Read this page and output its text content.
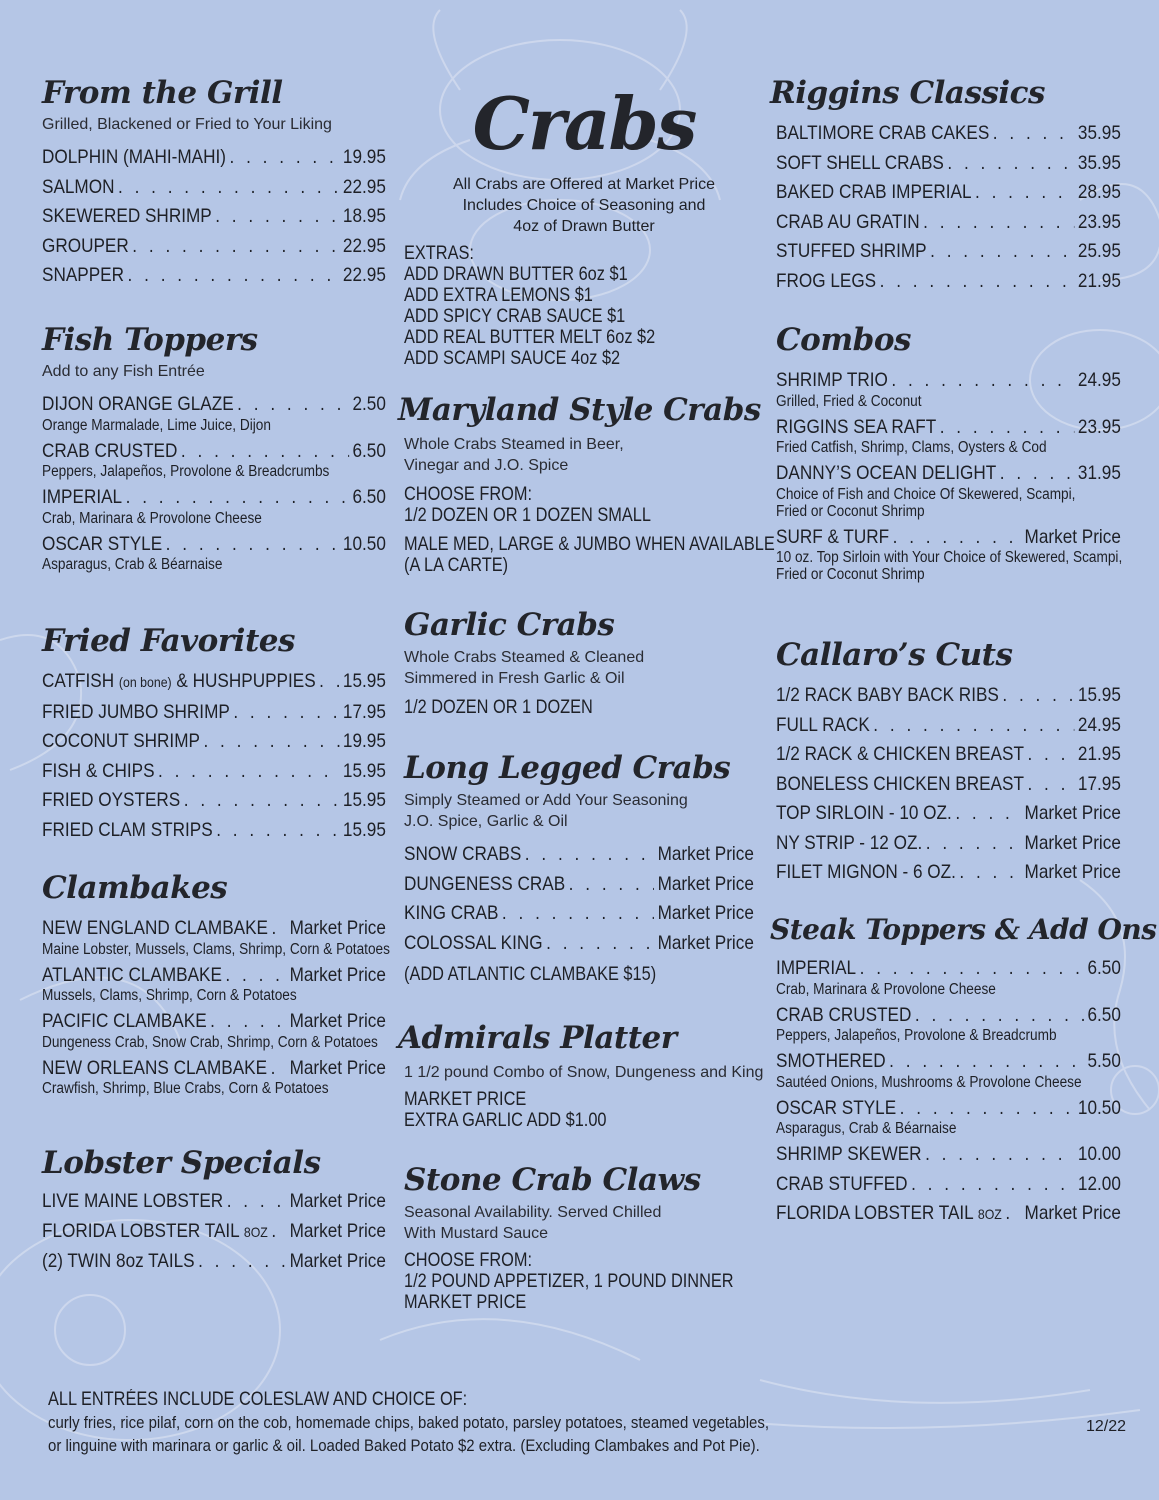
From the Grill
Grilled, Blackened or Fried to Your Liking
DOLPHIN (MAHI-MAHI) . . .	19.95
SALMON . . .	22.95
SKEWERED SHRIMP . . .	18.95
GROUPER . . .	22.95
SNAPPER . . .	22.95
Fish Toppers
Add to any Fish Entrée
DIJON ORANGE GLAZE . . .	2.50
Orange Marmalade, Lime Juice, Dijon
CRAB CRUSTED . . .	6.50
Peppers, Jalapeños, Provolone & Breadcrumbs
IMPERIAL . . .	6.50
Crab, Marinara & Provolone Cheese
OSCAR STYLE . . .	10.50
Asparagus, Crab & Béarnaise
Fried Favorites
CATFISH (on bone) & HUSHPUPPIES . . . 15.95
FRIED JUMBO SHRIMP . . .	17.95
COCONUT SHRIMP . . .	19.95
FISH & CHIPS . . .	15.95
FRIED OYSTERS . . .	15.95
FRIED CLAM STRIPS . . .	15.95
Clambakes
NEW ENGLAND CLAMBAKE . . . Market Price
Maine Lobster, Mussels, Clams, Shrimp, Corn & Potatoes
ATLANTIC CLAMBAKE . . .	Market Price
Mussels, Clams, Shrimp, Corn & Potatoes
PACIFIC CLAMBAKE . . .	Market Price
Dungeness Crab, Snow Crab, Shrimp, Corn & Potatoes
NEW ORLEANS CLAMBAKE . . . Market Price
Crawfish, Shrimp, Blue Crabs, Corn & Potatoes
Lobster Specials
LIVE MAINE LOBSTER . . .	Market Price
FLORIDA LOBSTER TAIL 8OZ . . . Market Price
(2) TWIN 8oz TAILS . . .	Market Price
Crabs
All Crabs are Offered at Market Price
Includes Choice of Seasoning and
4oz of Drawn Butter
EXTRAS:
ADD DRAWN BUTTER 6oz $1
ADD EXTRA LEMONS $1
ADD SPICY CRAB SAUCE $1
ADD REAL BUTTER MELT 6oz $2
ADD SCAMPI SAUCE 4oz $2
Maryland Style Crabs
Whole Crabs Steamed in Beer,
Vinegar and J.O. Spice
CHOOSE FROM:
1/2 DOZEN OR 1 DOZEN SMALL
MALE MED, LARGE & JUMBO WHEN AVAILABLE
(A LA CARTE)
Garlic Crabs
Whole Crabs Steamed & Cleaned
Simmered in Fresh Garlic & Oil
1/2 DOZEN OR 1 DOZEN
Long Legged Crabs
Simply Steamed or Add Your Seasoning
J.O. Spice, Garlic & Oil
SNOW CRABS . . .	Market Price
DUNGENESS CRAB . . .	Market Price
KING CRAB . . .	Market Price
COLOSSAL KING . . .	Market Price
(ADD ATLANTIC CLAMBAKE $15)
Admirals Platter
1 1/2 pound Combo of Snow, Dungeness and King
MARKET PRICE
EXTRA GARLIC ADD $1.00
Stone Crab Claws
Seasonal Availability. Served Chilled
With Mustard Sauce
CHOOSE FROM:
1/2 POUND APPETIZER, 1 POUND DINNER
MARKET PRICE
Riggins Classics
BALTIMORE CRAB CAKES . . .	35.95
SOFT SHELL CRABS . . .	35.95
BAKED CRAB IMPERIAL . . .	28.95
CRAB AU GRATIN . . .	23.95
STUFFED SHRIMP . . .	25.95
FROG LEGS . . .	21.95
Combos
SHRIMP TRIO . . .	24.95
Grilled, Fried & Coconut
RIGGINS SEA RAFT . . .	23.95
Fried Catfish, Shrimp, Clams, Oysters & Cod
DANNY’S OCEAN DELIGHT . . .	31.95
Choice of Fish and Choice Of Skewered, Scampi,
Fried or Coconut Shrimp
SURF & TURF . . .	Market Price
10 oz. Top Sirloin with Your Choice of Skewered, Scampi,
Fried or Coconut Shrimp
Callaro’s Cuts
1/2 RACK BABY BACK RIBS . . .	15.95
FULL RACK . . .	24.95
1/2 RACK & CHICKEN BREAST . . .	21.95
BONELESS CHICKEN BREAST . . .	17.95
TOP SIRLOIN - 10 OZ. . . .	Market Price
NY STRIP - 12 OZ. . . .	Market Price
FILET MIGNON - 6 OZ. . . .	Market Price
Steak Toppers & Add Ons
IMPERIAL . . .	6.50
Crab, Marinara & Provolone Cheese
CRAB CRUSTED . . .	6.50
Peppers, Jalapeños, Provolone & Breadcrumb
SMOTHERED . . .	5.50
Sautéed Onions, Mushrooms & Provolone Cheese
OSCAR STYLE . . .	10.50
Asparagus, Crab & Béarnaise
SHRIMP SKEWER . . .	10.00
CRAB STUFFED . . .	12.00
FLORIDA LOBSTER TAIL 8OZ . . . Market Price
ALL ENTRÉES INCLUDE COLESLAW AND CHOICE OF:
curly fries, rice pilaf, corn on the cob, homemade chips, baked potato, parsley potatoes, steamed vegetables,
or linguine with marinara or garlic & oil. Loaded Baked Potato $2 extra. (Excluding Clambakes and Pot Pie).
12/22
